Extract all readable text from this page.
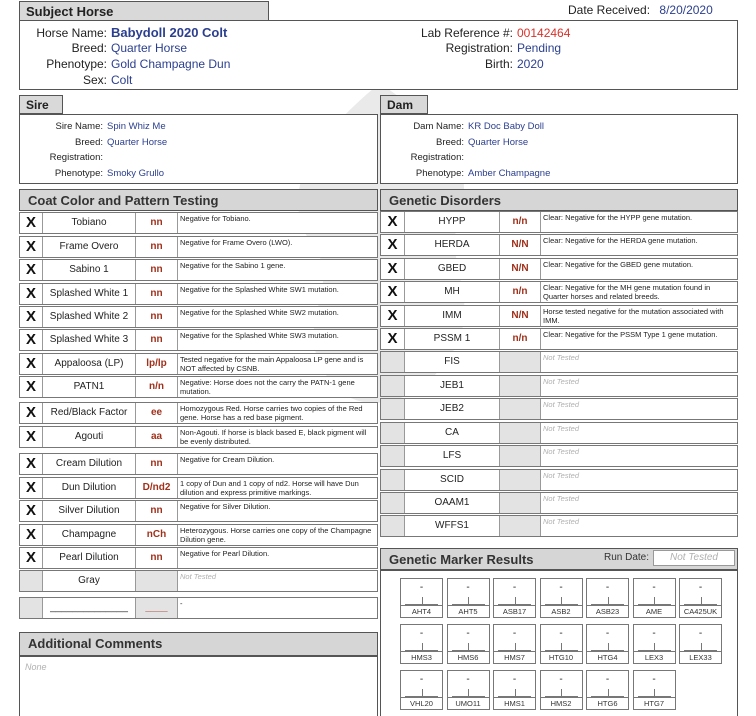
Subject Horse	Date Received: 8/20/2020
Horse Name: Babydoll 2020 Colt
Breed: Quarter Horse
Phenotype: Gold Champagne Dun
Sex: Colt
Lab Reference #: 00142464
Registration: Pending
Birth: 2020
Sire
Sire Name: Spin Whiz Me
Breed: Quarter Horse
Registration:
Phenotype: Smoky Grullo
Dam
Dam Name: KR Doc Baby Doll
Breed: Quarter Horse
Registration:
Phenotype: Amber Champagne
Coat Color and Pattern Testing
X	Tobiano	nn	Negative for Tobiano.
X	Frame Overo	nn	Negative for Frame Overo (LWO).
X	Sabino 1	nn	Negative for the Sabino 1 gene.
X	Splashed White 1	nn	Negative for the Splashed White SW1 mutation.
X	Splashed White 2	nn	Negative for the Splashed White SW2 mutation.
X	Splashed White 3	nn	Negative for the Splashed White SW3 mutation.
X	Appaloosa (LP)	lp/lp	Tested negative for the main Appaloosa LP gene and is NOT affected by CSNB.
X	PATN1	n/n	Negative: Horse does not the carry the PATN-1 gene mutation.
X	Red/Black Factor	ee	Homozygous Red. Horse carries two copies of the Red gene. Horse has a red base pigment.
X	Agouti	aa	Non-Agouti. If horse is black based E, black pigment will be evenly distributed.
X	Cream Dilution	nn	Negative for Cream Dilution.
X	Dun Dilution	D/nd2	1 copy of Dun and 1 copy of nd2. Horse will have Dun dilution and express primitive markings.
X	Silver Dilution	nn	Negative for Silver Dilution.
X	Champagne	nCh	Heterozygous. Horse carries one copy of the Champagne Dilution gene.
X	Pearl Dilution	nn	Negative for Pearl Dilution.
Gray	Not Tested
______________	____	-
Genetic Disorders
X	HYPP	n/n	Clear: Negative for the HYPP gene mutation.
X	HERDA	N/N	Clear: Negative for the HERDA gene mutation.
X	GBED	N/N	Clear: Negative for the GBED gene mutation.
X	MH	n/n	Clear: Negative for the MH gene mutation found in Quarter horses and related breeds.
X	IMM	N/N	Horse tested negative for the mutation associated with IMM.
X	PSSM 1	n/n	Clear: Negative for the PSSM Type 1 gene mutation.
FIS	Not Tested
JEB1	Not Tested
JEB2	Not Tested
CA	Not Tested
LFS	Not Tested
SCID	Not Tested
OAAM1	Not Tested
WFFS1	Not Tested
Genetic Marker Results	Run Date:	Not Tested
-
AHT4
-
AHT5
-
ASB17
-
ASB2
-
ASB23
-
AME
-
CA425UK
-
HMS3
-
HMS6
-
HMS7
-
HTG10
-
HTG4
-
LEX3
-
LEX33
-
VHL20
-
UMO11
-
HMS1
-
HMS2
-
HTG6
-
HTG7
Additional Comments
None
